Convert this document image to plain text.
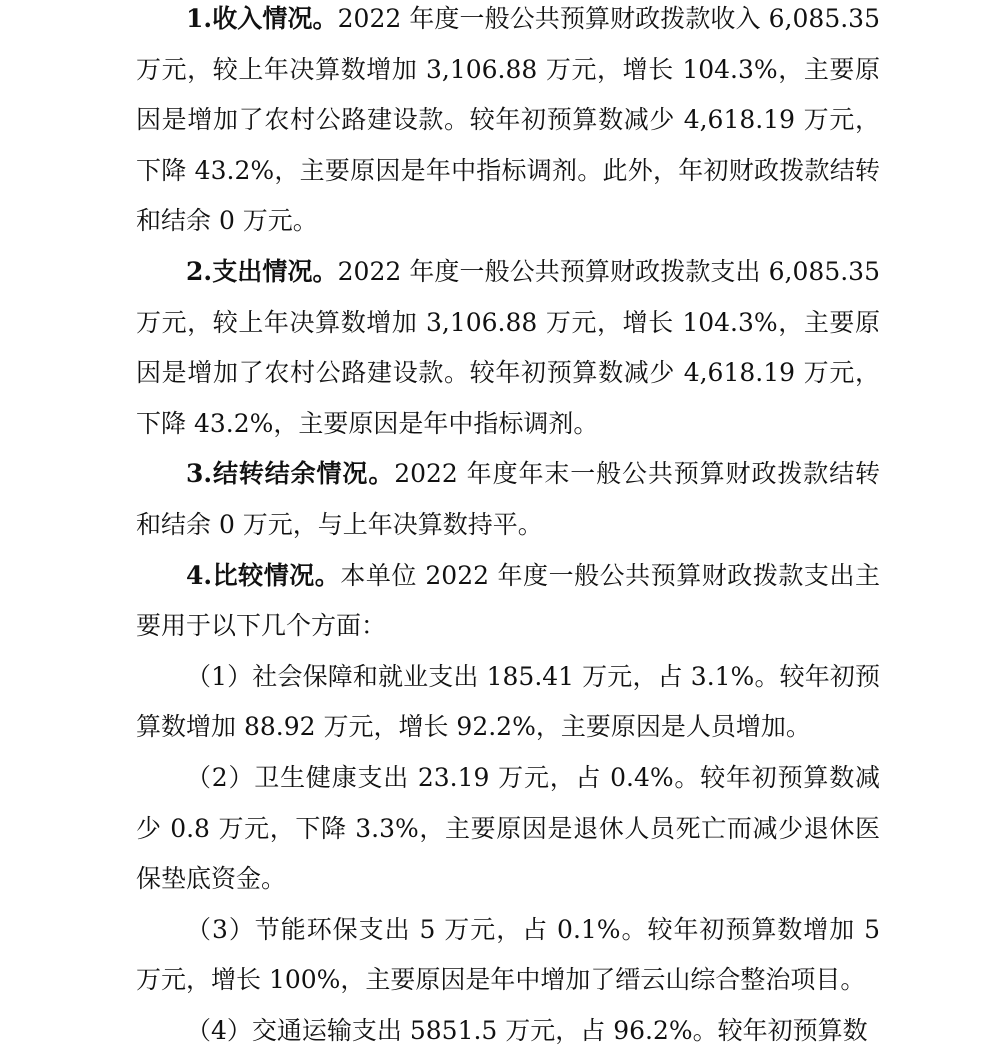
1.收入情况。2022 年度一般公共预算财政拨款收入 6,085.35 万元，较上年决算数增加 3,106.88 万元，增长 104.3%，主要原因是增加了农村公路建设款。较年初预算数减少 4,618.19 万元，下降 43.2%，主要原因是年中指标调剂。此外，年初财政拨款结转和结余 0 万元。

2.支出情况。2022 年度一般公共预算财政拨款支出 6,085.35 万元，较上年决算数增加 3,106.88 万元，增长 104.3%，主要原因是增加了农村公路建设款。较年初预算数减少 4,618.19 万元，下降 43.2%，主要原因是年中指标调剂。

3.结转结余情况。2022 年度年末一般公共预算财政拨款结转和结余 0 万元，与上年决算数持平。

4.比较情况。本单位 2022 年度一般公共预算财政拨款支出主要用于以下几个方面：

（1）社会保障和就业支出 185.41 万元，占 3.1%。较年初预算数增加 88.92 万元，增长 92.2%，主要原因是人员增加。

（2）卫生健康支出 23.19 万元，占 0.4%。较年初预算数减少 0.8 万元，下降 3.3%，主要原因是退休人员死亡而减少退休医保垫底资金。

（3）节能环保支出 5 万元，占 0.1%。较年初预算数增加 5 万元，增长 100%，主要原因是年中增加了缙云山综合整治项目。

（4）交通运输支出 5851.5 万元，占 96.2%。较年初预算数
